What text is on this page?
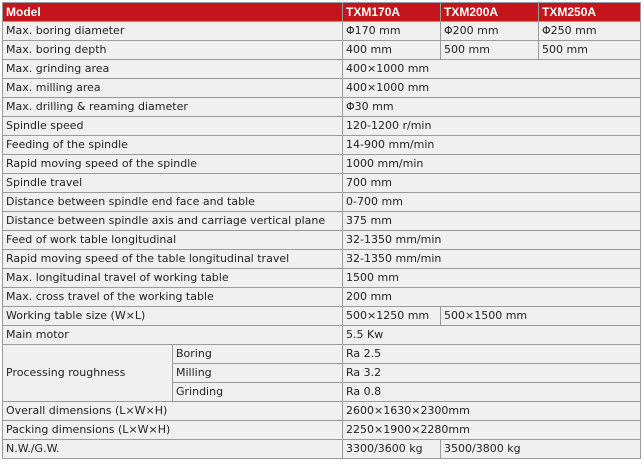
Model		TXM170A	TXM200A	TXM250A
Max. boring diameter		Φ170 mm	Φ200 mm	Φ250 mm
Max. boring depth		400 mm	500 mm	500 mm
Max. grinding area		400×1000 mm		
Max. milling area		400×1000 mm		
Max. drilling & reaming diameter		Φ30 mm		
Spindle speed		120-1200 r/min		
Feeding of the spindle		14-900 mm/min		
Rapid moving speed of the spindle		1000 mm/min		
Spindle travel		700 mm		
Distance between spindle end face and table		0-700 mm		
Distance between spindle axis and carriage vertical plane		375 mm		
Feed of work table longitudinal		32-1350 mm/min		
Rapid moving speed of the table longitudinal travel		32-1350 mm/min		
Max. longitudinal travel of working table		1500 mm		
Max. cross travel of the working table		200 mm		
Working table size (W×L)		500×1250 mm	500×1500 mm	
Main motor		5.5 Kw		
Processing roughness	Boring	Ra 2.5		
	Milling	Ra 3.2		
	Grinding	Ra 0.8		
Overall dimensions (L×W×H)		2600×1630×2300mm		
Packing dimensions (L×W×H)		2250×1900×2280mm		
N.W./G.W.		3300/3600 kg	3500/3800 kg	
